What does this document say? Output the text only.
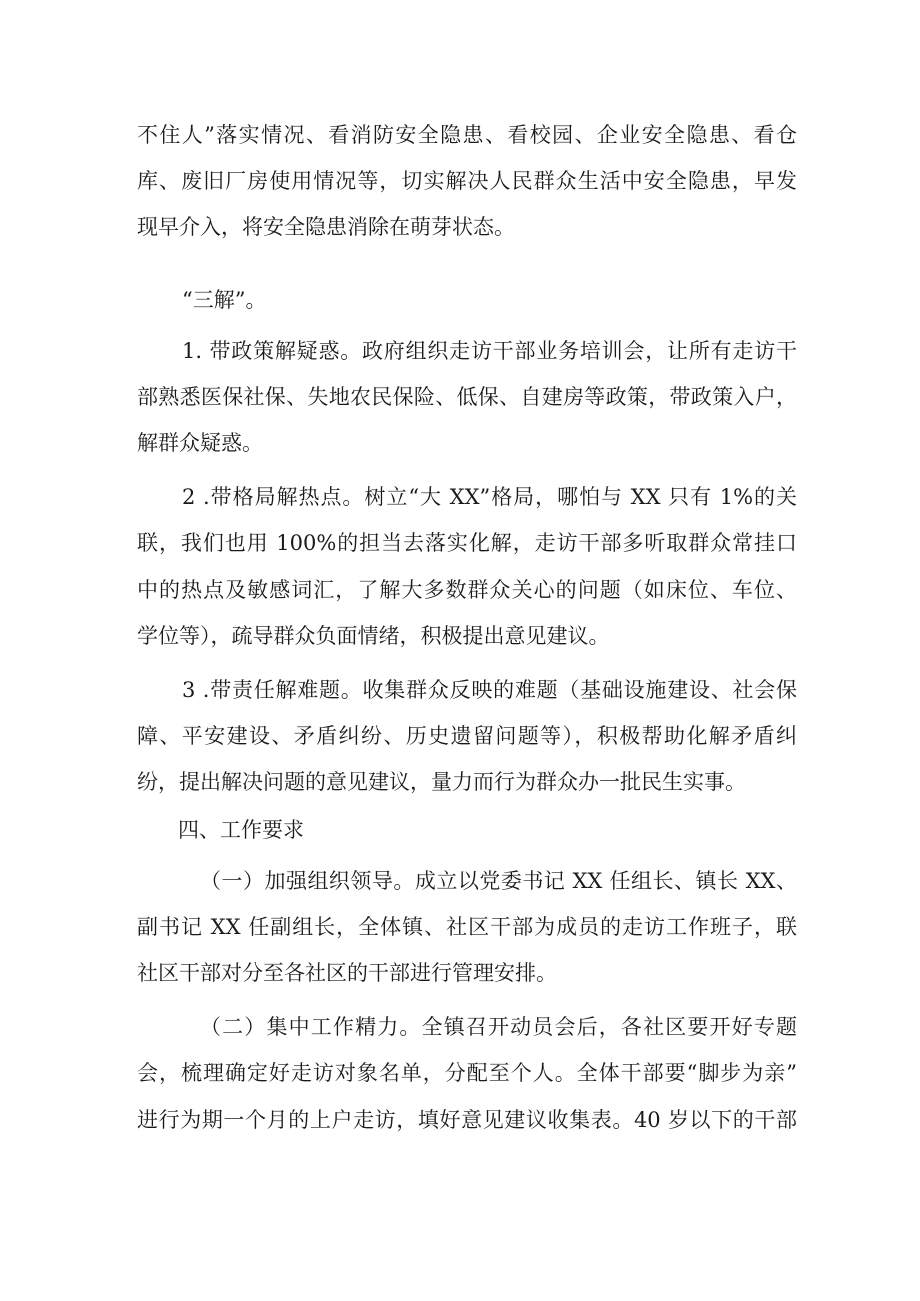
不住人”落实情况、看消防安全隐患、看校园、企业安全隐患、看仓
库、废旧厂房使用情况等，切实解决人民群众生活中安全隐患，早发
现早介入，将安全隐患消除在萌芽状态。
“三解”。
1. 带政策解疑惑。政府组织走访干部业务培训会，让所有走访干
部熟悉医保社保、失地农民保险、低保、自建房等政策，带政策入户，
解群众疑惑。
2 .带格局解热点。树立“大 XX”格局，哪怕与 XX 只有 1%的关
联，我们也用 100%的担当去落实化解，走访干部多听取群众常挂口
中的热点及敏感词汇，了解大多数群众关心的问题（如床位、车位、
学位等），疏导群众负面情绪，积极提出意见建议。
3 .带责任解难题。收集群众反映的难题（基础设施建设、社会保
障、平安建设、矛盾纠纷、历史遗留问题等），积极帮助化解矛盾纠
纷，提出解决问题的意见建议，量力而行为群众办一批民生实事。
四、工作要求
（一）加强组织领导。成立以党委书记 XX 任组长、镇长 XX、
副书记 XX 任副组长，全体镇、社区干部为成员的走访工作班子，联
社区干部对分至各社区的干部进行管理安排。
（二）集中工作精力。全镇召开动员会后，各社区要开好专题
会，梳理确定好走访对象名单，分配至个人。全体干部要“脚步为亲”
进行为期一个月的上户走访，填好意见建议收集表。40 岁以下的干部
